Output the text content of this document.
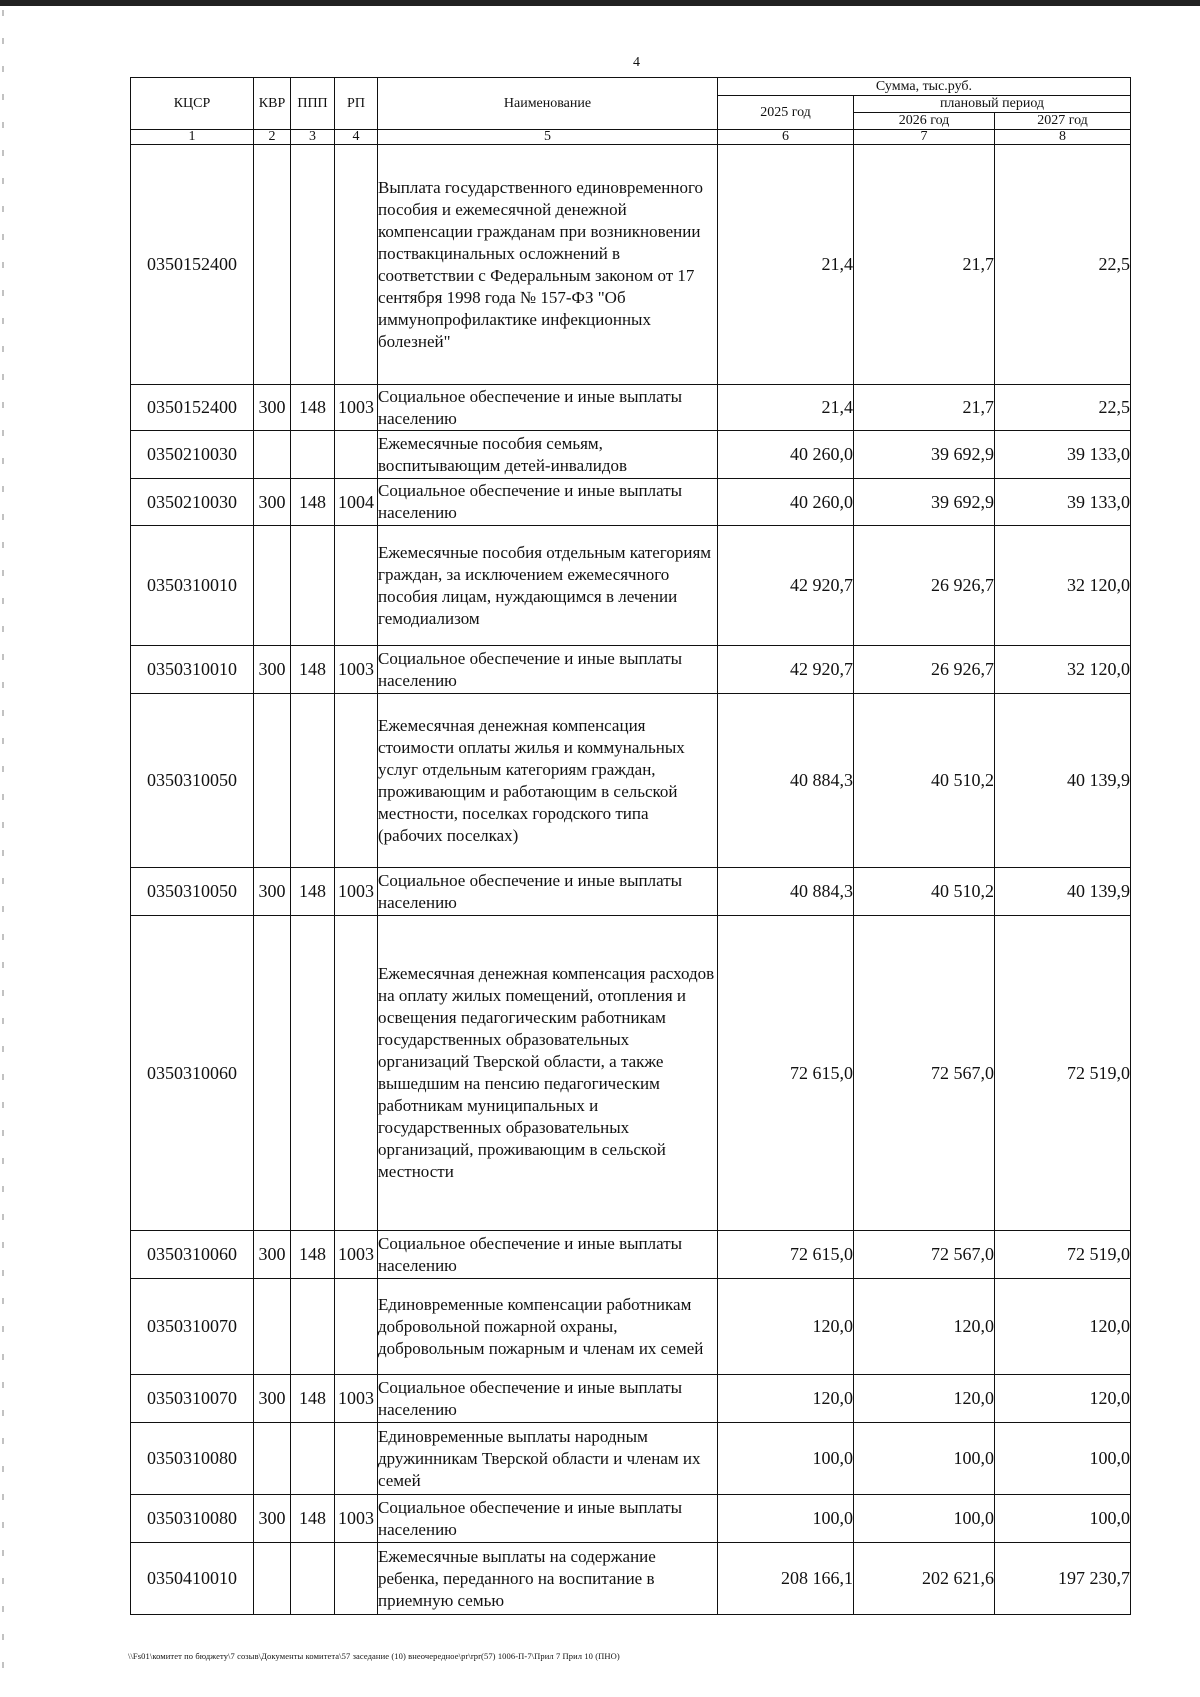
4
КЦСР	КВР	ППП	РП	Наименование	Сумма, тыс.руб.		
					2025 год	плановый период	
						2026 год	2027 год
1	2	3	4	5	6	7	8
0350152400				Выплата государственного единовременного пособия и ежемесячной денежной компенсации гражданам при возникновении поствакцинальных осложнений в соответствии с Федеральным законом от 17 сентября 1998 года № 157-ФЗ "Об иммунопрофилактике инфекционных болезней"	21,4	21,7	22,5
0350152400	300	148	1003	Социальное обеспечение и иные выплаты населению	21,4	21,7	22,5
0350210030				Ежемесячные пособия семьям, воспитывающим детей-инвалидов	40 260,0	39 692,9	39 133,0
0350210030	300	148	1004	Социальное обеспечение и иные выплаты населению	40 260,0	39 692,9	39 133,0
0350310010				Ежемесячные пособия отдельным категориям граждан, за исключением ежемесячного пособия лицам, нуждающимся в лечении гемодиализом	42 920,7	26 926,7	32 120,0
0350310010	300	148	1003	Социальное обеспечение и иные выплаты населению	42 920,7	26 926,7	32 120,0
0350310050				Ежемесячная денежная компенсация стоимости оплаты жилья и коммунальных услуг отдельным категориям граждан, проживающим и работающим в сельской местности, поселках городского типа (рабочих поселках)	40 884,3	40 510,2	40 139,9
0350310050	300	148	1003	Социальное обеспечение и иные выплаты населению	40 884,3	40 510,2	40 139,9
0350310060				Ежемесячная денежная компенсация расходов на оплату жилых помещений, отопления и освещения педагогическим работникам государственных образовательных организаций Тверской области, а также вышедшим на пенсию педагогическим работникам муниципальных и государственных образовательных организаций, проживающим в сельской местности	72 615,0	72 567,0	72 519,0
0350310060	300	148	1003	Социальное обеспечение и иные выплаты населению	72 615,0	72 567,0	72 519,0
0350310070				Единовременные компенсации работникам добровольной пожарной охраны, добровольным пожарным и членам их семей	120,0	120,0	120,0
0350310070	300	148	1003	Социальное обеспечение и иные выплаты населению	120,0	120,0	120,0
0350310080				Единовременные выплаты народным дружинникам Тверской области и членам их семей	100,0	100,0	100,0
0350310080	300	148	1003	Социальное обеспечение и иные выплаты населению	100,0	100,0	100,0
0350410010				Ежемесячные выплаты на содержание ребенка, переданного на воспитание в приемную семью	208 166,1	202 621,6	197 230,7
\\Fs01\комитет по бюджету\7 созыв\Документы комитета\57 заседание (10) внеочередное\pr\rpr(57) 1006-П-7\Прил 7 Прил 10 (ПНО)
